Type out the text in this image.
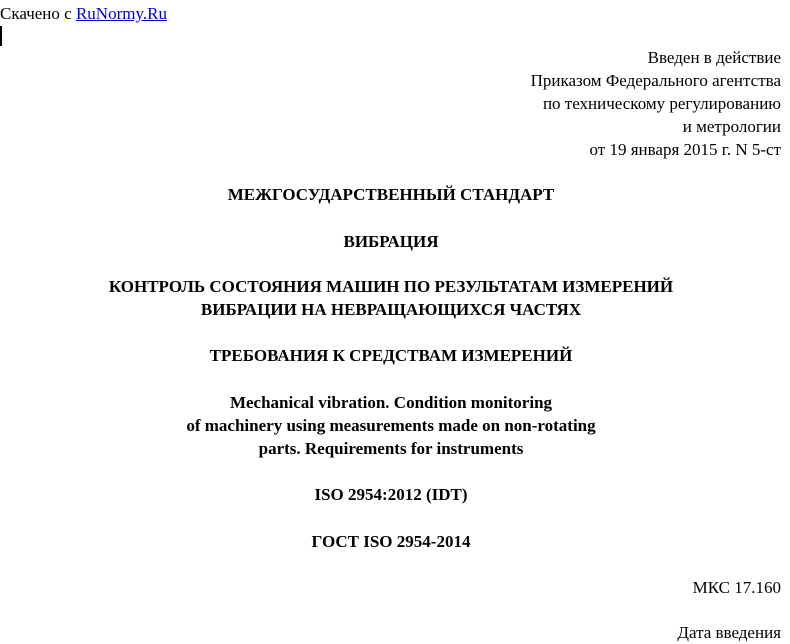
Скачено с RuNormy.Ru
Введен в действие
Приказом Федерального агентства
по техническому регулированию
и метрологии
от 19 января 2015 г. N 5-ст
МЕЖГОСУДАРСТВЕННЫЙ СТАНДАРТ
ВИБРАЦИЯ
КОНТРОЛЬ СОСТОЯНИЯ МАШИН ПО РЕЗУЛЬТАТАМ ИЗМЕРЕНИЙ
ВИБРАЦИИ НА НЕВРАЩАЮЩИХСЯ ЧАСТЯХ
ТРЕБОВАНИЯ К СРЕДСТВАМ ИЗМЕРЕНИЙ
Mechanical vibration. Condition monitoring
of machinery using measurements made on non-rotating
parts. Requirements for instruments
ISO 2954:2012 (IDT)
ГОСТ ISO 2954-2014
МКС 17.160
Дата введения
